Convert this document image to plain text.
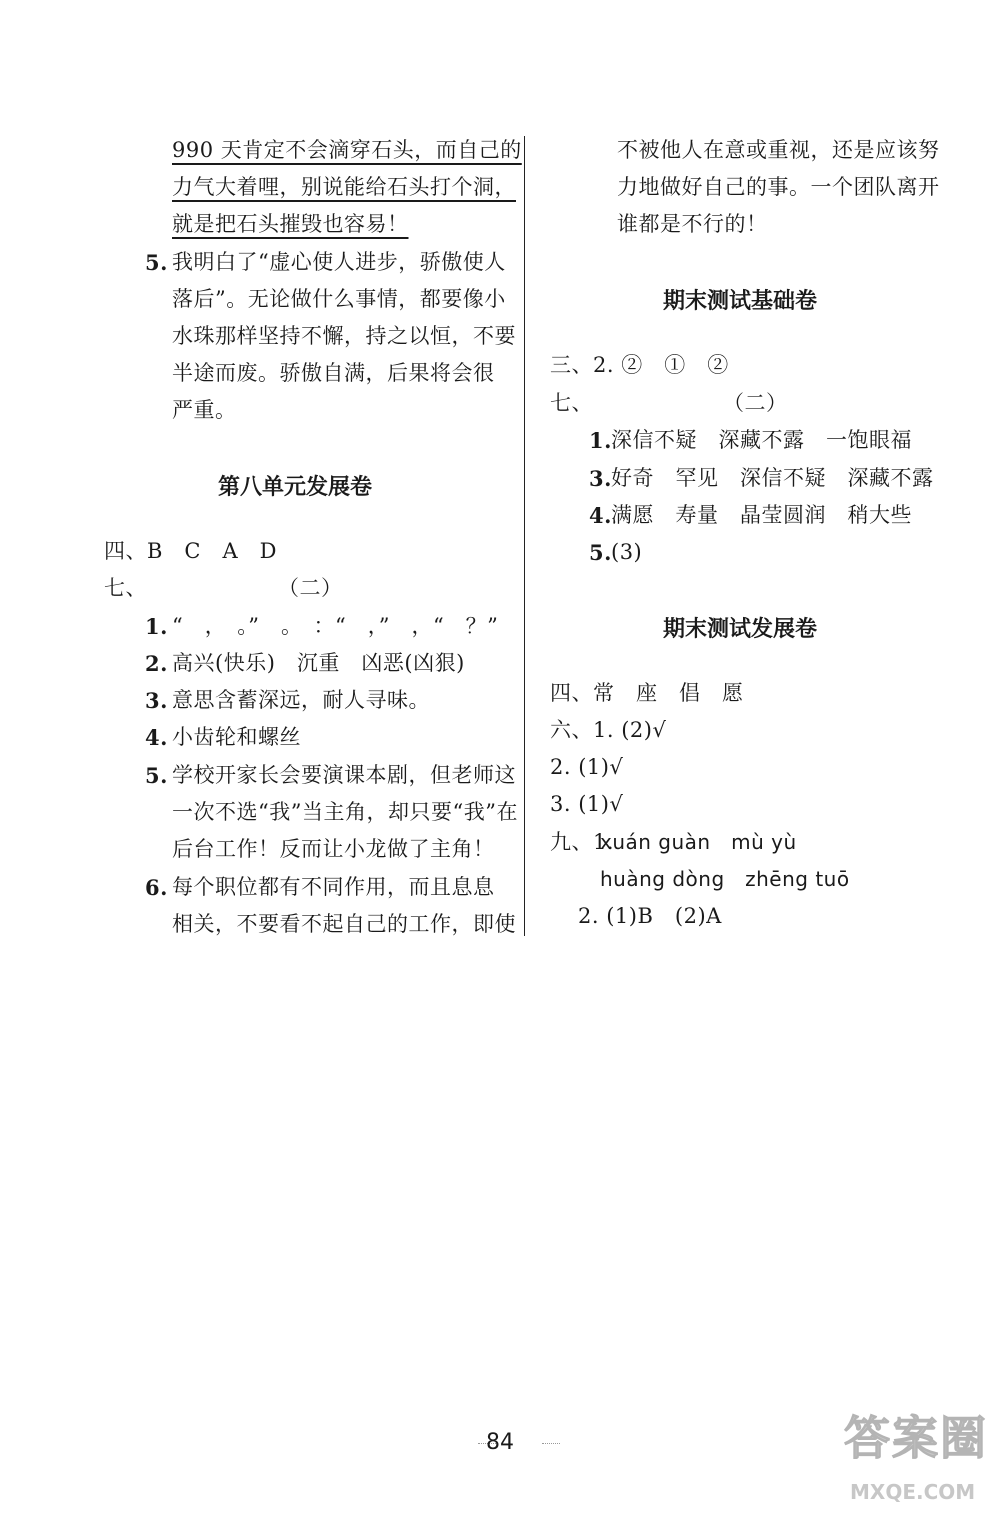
990 天肯定不会滴穿石头，而自己的
力气大着哩，别说能给石头打个洞，
就是把石头摧毁也容易！
5. 我明白了“虚心使人进步，骄傲使人
落后”。无论做什么事情，都要像小
水珠那样坚持不懈，持之以恒，不要
半途而废。骄傲自满，后果将会很
严重。
第八单元发展卷
四、B　C　A　D
七、	（二）
1. “　，　。”　。　：“　，”　，“　？”
2. 高兴(快乐)　沉重　凶恶(凶狠)
3. 意思含蓄深远，耐人寻味。
4. 小齿轮和螺丝
5. 学校开家长会要演课本剧，但老师这
一次不选“我”当主角，却只要“我”在
后台工作！反而让小龙做了主角！
6. 每个职位都有不同作用，而且息息
相关，不要看不起自己的工作，即使
不被他人在意或重视，还是应该努
力地做好自己的事。一个团队离开
谁都是不行的！
期末测试基础卷
三、2. ②　①　②
七、	（二）
1. 深信不疑　深藏不露　一饱眼福
3. 好奇　罕见　深信不疑　深藏不露
4. 满愿　寿量　晶莹圆润　稍大些
5. (3)
期末测试发展卷
四、常　座　倡　愿
六、1. (2)√
2. (1)√
3. (1)√
九、1.
xuán guàn　mù yù
huàng dòng　zhēng tuō
2. (1)B　(2)A
84	答案圈
MXQE.COM
